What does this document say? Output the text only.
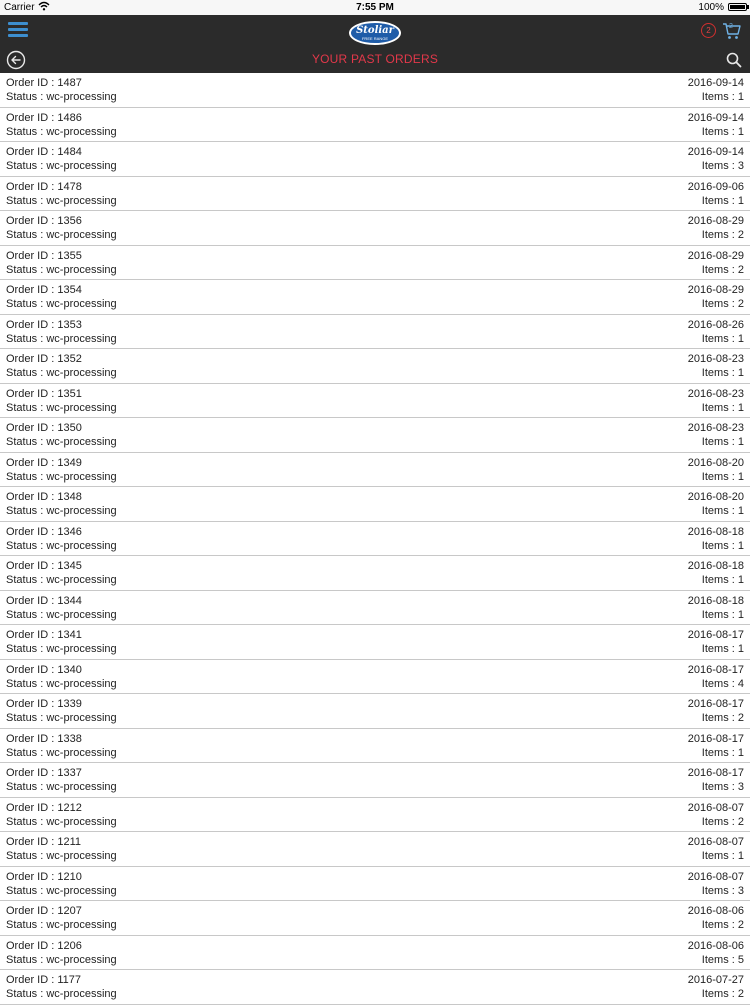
Carrier	7:55 PM	100%
Stoliar
FREE RANGE
2	2
YOUR PAST ORDERS
Order ID : 1487
Status : wc-processing
2016-09-14
Items : 1
Order ID : 1486
Status : wc-processing
2016-09-14
Items : 1
Order ID : 1484
Status : wc-processing
2016-09-14
Items : 3
Order ID : 1478
Status : wc-processing
2016-09-06
Items : 1
Order ID : 1356
Status : wc-processing
2016-08-29
Items : 2
Order ID : 1355
Status : wc-processing
2016-08-29
Items : 2
Order ID : 1354
Status : wc-processing
2016-08-29
Items : 2
Order ID : 1353
Status : wc-processing
2016-08-26
Items : 1
Order ID : 1352
Status : wc-processing
2016-08-23
Items : 1
Order ID : 1351
Status : wc-processing
2016-08-23
Items : 1
Order ID : 1350
Status : wc-processing
2016-08-23
Items : 1
Order ID : 1349
Status : wc-processing
2016-08-20
Items : 1
Order ID : 1348
Status : wc-processing
2016-08-20
Items : 1
Order ID : 1346
Status : wc-processing
2016-08-18
Items : 1
Order ID : 1345
Status : wc-processing
2016-08-18
Items : 1
Order ID : 1344
Status : wc-processing
2016-08-18
Items : 1
Order ID : 1341
Status : wc-processing
2016-08-17
Items : 1
Order ID : 1340
Status : wc-processing
2016-08-17
Items : 4
Order ID : 1339
Status : wc-processing
2016-08-17
Items : 2
Order ID : 1338
Status : wc-processing
2016-08-17
Items : 1
Order ID : 1337
Status : wc-processing
2016-08-17
Items : 3
Order ID : 1212
Status : wc-processing
2016-08-07
Items : 2
Order ID : 1211
Status : wc-processing
2016-08-07
Items : 1
Order ID : 1210
Status : wc-processing
2016-08-07
Items : 3
Order ID : 1207
Status : wc-processing
2016-08-06
Items : 2
Order ID : 1206
Status : wc-processing
2016-08-06
Items : 5
Order ID : 1177
Status : wc-processing
2016-07-27
Items : 2
